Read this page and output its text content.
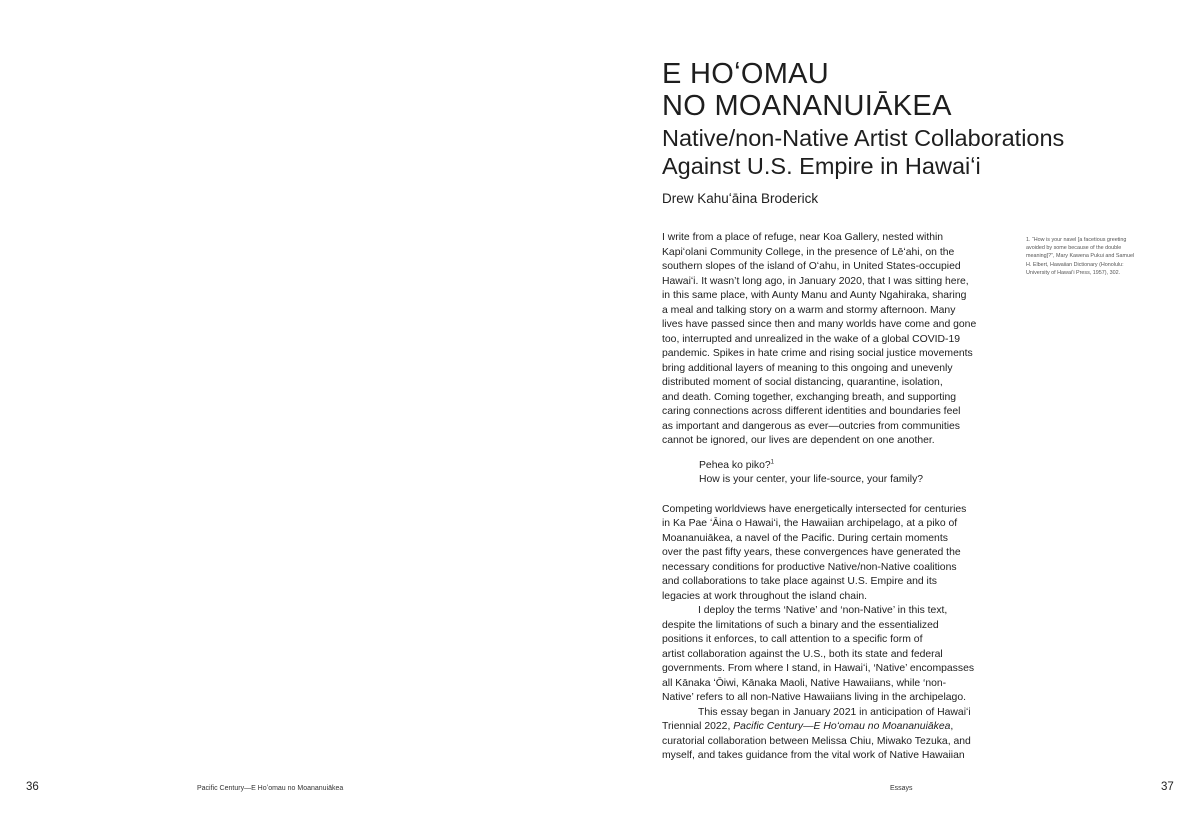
E HOʻOMAU
NO MOANANUIĀKEA
Native/non-Native Artist Collaborations
Against U.S. Empire in Hawaiʻi
Drew Kahuʻāina Broderick
I write from a place of refuge, near Koa Gallery, nested within
Kapiʻolani Community College, in the presence of Lēʻahi, on the
southern slopes of the island of Oʻahu, in United States-occupied
Hawaiʻi. It wasn’t long ago, in January 2020, that I was sitting here,
in this same place, with Aunty Manu and Aunty Ngahiraka, sharing
a meal and talking story on a warm and stormy afternoon. Many
lives have passed since then and many worlds have come and gone
too, interrupted and unrealized in the wake of a global COVID-19
pandemic. Spikes in hate crime and rising social justice movements
bring additional layers of meaning to this ongoing and unevenly
distributed moment of social distancing, quarantine, isolation,
and death. Coming together, exchanging breath, and supporting
caring connections across different identities and boundaries feel
as important and dangerous as ever—outcries from communities
cannot be ignored, our lives are dependent on one another.
Pehea ko piko?$^1$
How is your center, your life-source, your family?
Competing worldviews have energetically intersected for centuries
in Ka Pae ʻĀina o Hawaiʻi, the Hawaiian archipelago, at a piko of
Moananuiākea, a navel of the Pacific. During certain moments
over the past fifty years, these convergences have generated the
necessary conditions for productive Native/non-Native coalitions
and collaborations to take place against U.S. Empire and its
legacies at work throughout the island chain.
I deploy the terms ‘Native’ and ‘non-Native’ in this text,
despite the limitations of such a binary and the essentialized
positions it enforces, to call attention to a specific form of
artist collaboration against the U.S., both its state and federal
governments. From where I stand, in Hawaiʻi, ‘Native’ encompasses
all Kānaka ʻŌiwi, Kānaka Maoli, Native Hawaiians, while ‘non-
Native’ refers to all non-Native Hawaiians living in the archipelago.
This essay began in January 2021 in anticipation of Hawaiʻi
Triennial 2022, Pacific Century—E Hoʻomau no Moananuiākea,
curatorial collaboration between Melissa Chiu, Miwako Tezuka, and
myself, and takes guidance from the vital work of Native Hawaiian
1. “How is your navel [a facetious greeting
avoided by some because of the double
meaning]?”, Mary Kawena Pukui and Samuel
H. Elbert, Hawaiian Dictionary (Honolulu:
University of Hawaiʻi Press, 1957), 302.
36	Pacific Century—E Hoʻomau no Moananuiākea	Essays	37
